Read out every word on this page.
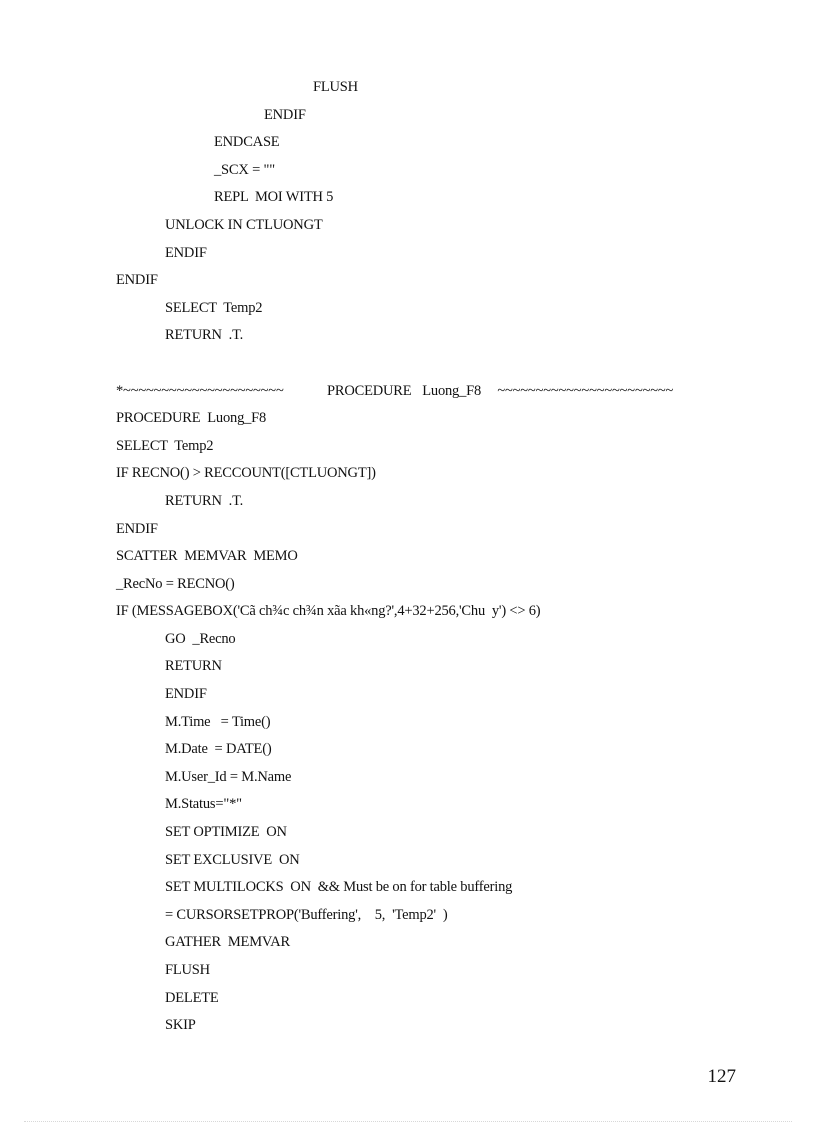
FLUSH
ENDIF
ENDCASE
_SCX = ""
REPL  MOI WITH 5
UNLOCK IN CTLUONGT
ENDIF
ENDIF
SELECT  Temp2
RETURN  .T.
*~~~~~~~~~~~~~~~~~~~~~        PROCEDURE  Luong_F8   ~~~~~~~~~~~~~~~~~~~~~~~
PROCEDURE  Luong_F8
SELECT  Temp2
IF RECNO() > RECCOUNT([CTLUONGT])
RETURN  .T.
ENDIF
SCATTER  MEMVAR  MEMO
_RecNo = RECNO()
IF (MESSAGEBOX('Cã ch¾c ch¾n xãa kh«ng?',4+32+256,'Chu  y') <> 6)
GO  _Recno
RETURN
ENDIF
M.Time   = Time()
M.Date  = DATE()
M.User_Id = M.Name
M.Status="*"
SET OPTIMIZE  ON
SET EXCLUSIVE  ON
SET MULTILOCKS  ON  && Must be on for table buffering
= CURSORSETPROP('Buffering',    5,  'Temp2'  )
GATHER  MEMVAR
FLUSH
DELETE
SKIP
127
